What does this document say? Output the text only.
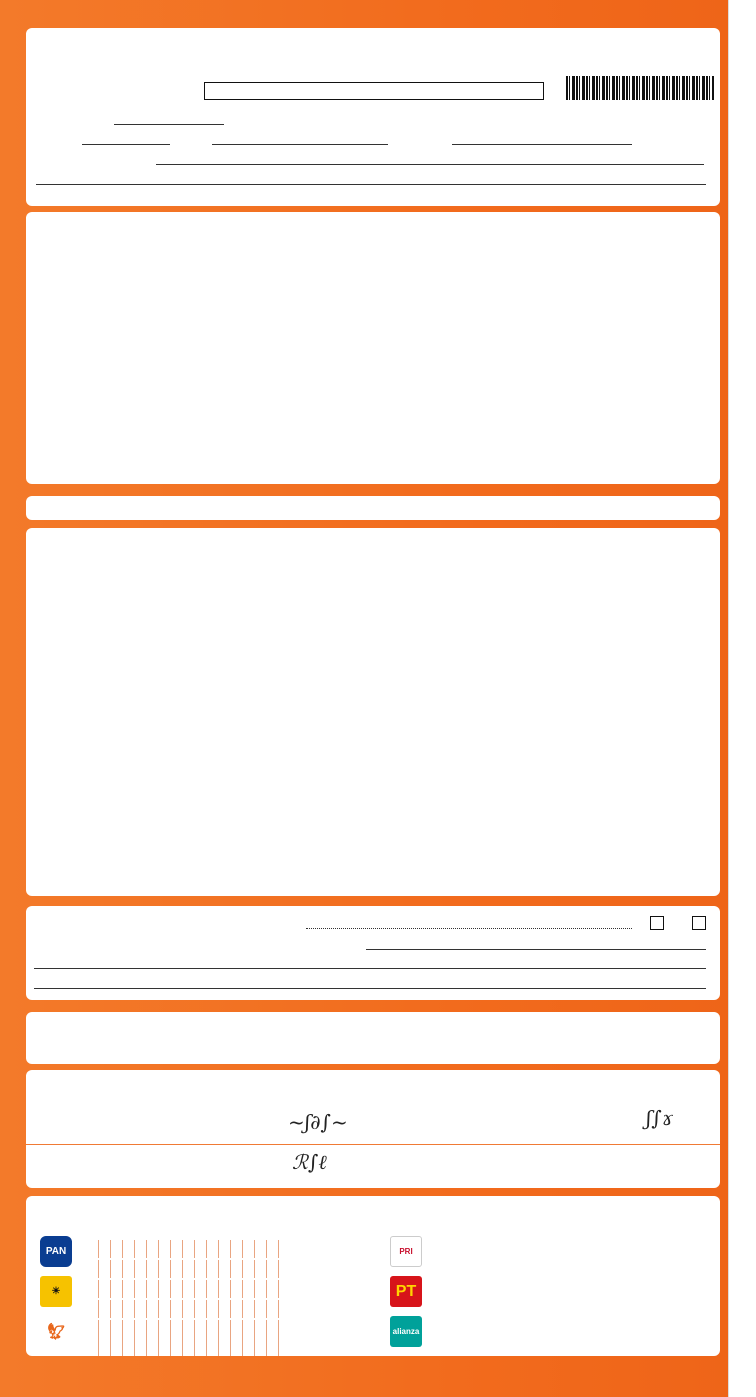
~ʃ∂∫~	ʃ∫ɤ
ℛ∫ℓ
PAN
☀
🦅︎
PRI
PT
alianza
